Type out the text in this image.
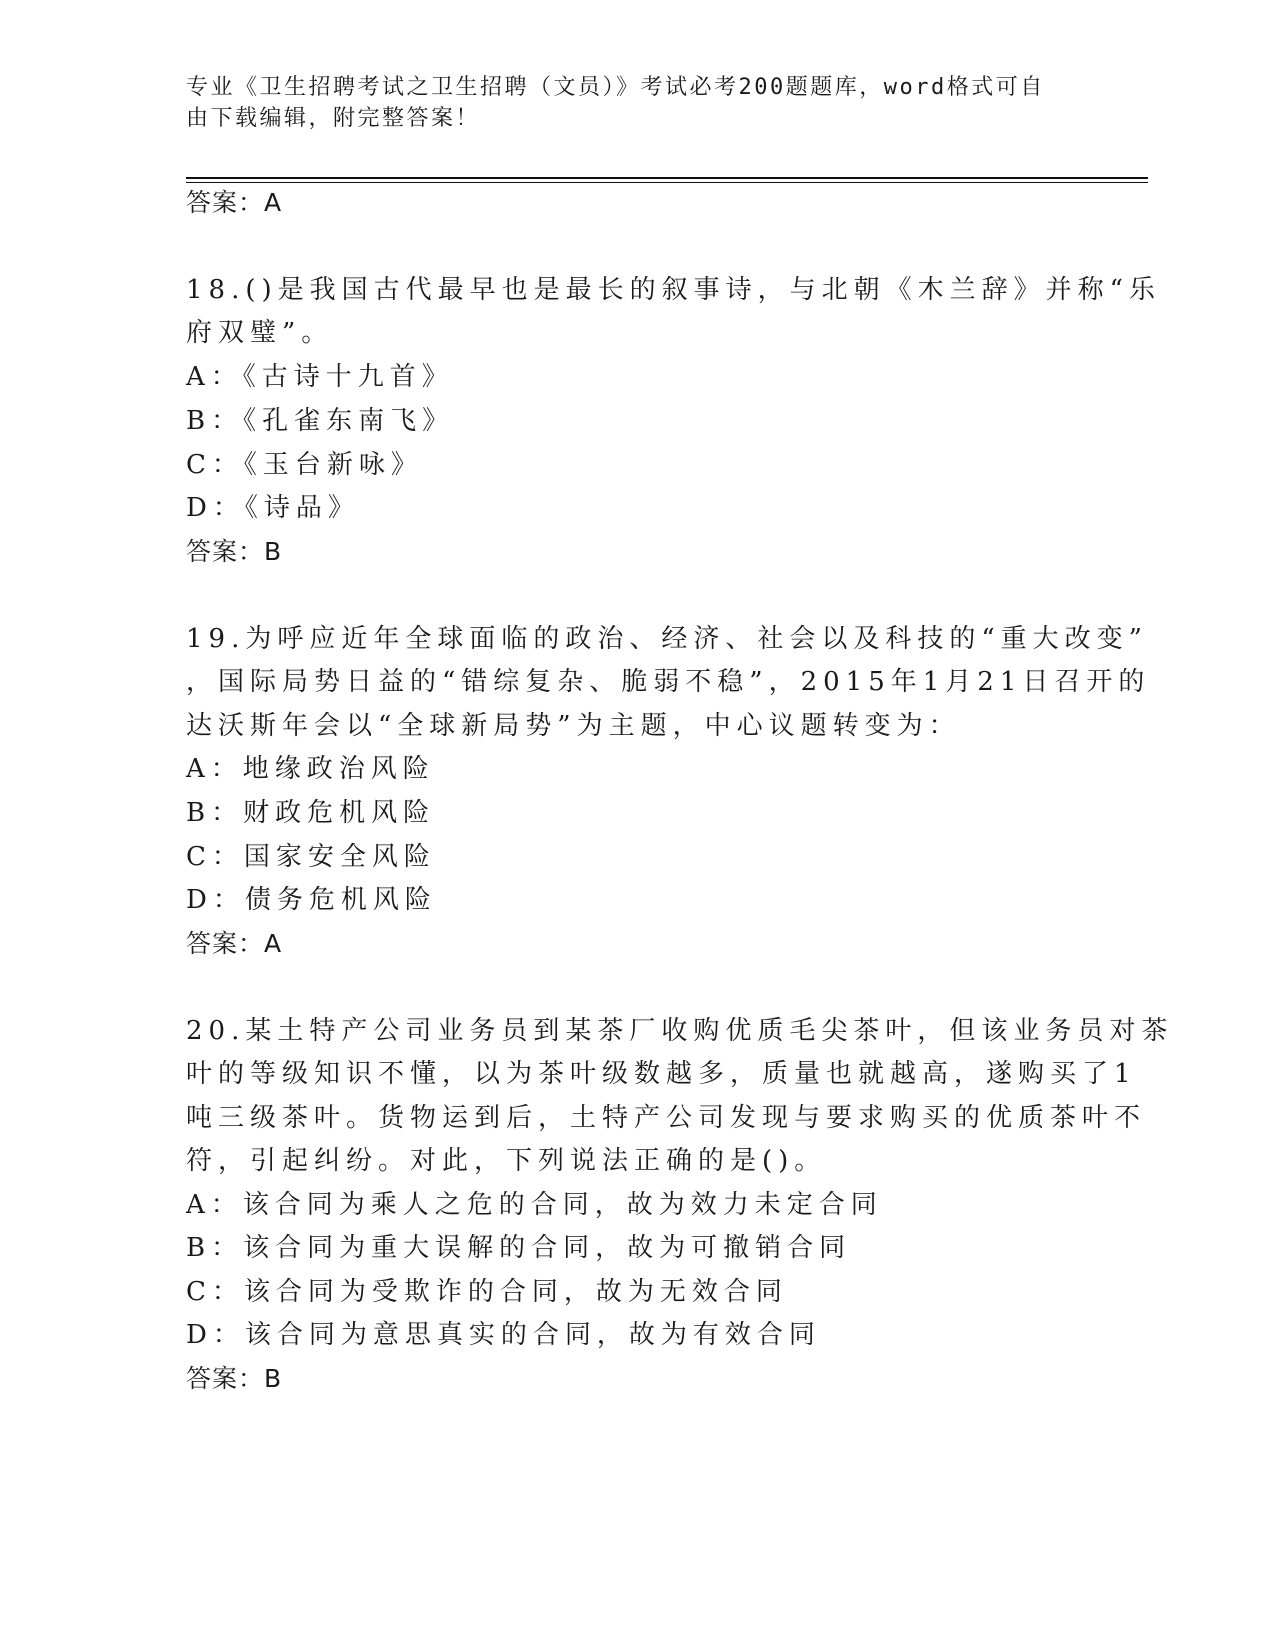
专业《卫生招聘考试之卫生招聘（文员）》考试必考200题题库，word格式可自
由下载编辑，附完整答案！
答案：A
18.()是我国古代最早也是最长的叙事诗，与北朝《木兰辞》并称“乐
府双璧”。
A：《古诗十九首》
B：《孔雀东南飞》
C：《玉台新咏》
D：《诗品》
答案：B
19.为呼应近年全球面临的政治、经济、社会以及科技的“重大改变”
，国际局势日益的“错综复杂、脆弱不稳”，2015年1月21日召开的
达沃斯年会以“全球新局势”为主题，中心议题转变为：
A：地缘政治风险
B：财政危机风险
C：国家安全风险
D：债务危机风险
答案：A
20.某土特产公司业务员到某茶厂收购优质毛尖茶叶，但该业务员对茶
叶的等级知识不懂，以为茶叶级数越多，质量也就越高，遂购买了1
吨三级茶叶。货物运到后，土特产公司发现与要求购买的优质茶叶不
符，引起纠纷。对此，下列说法正确的是()。
A：该合同为乘人之危的合同，故为效力未定合同
B：该合同为重大误解的合同，故为可撤销合同
C：该合同为受欺诈的合同，故为无效合同
D：该合同为意思真实的合同，故为有效合同
答案：B
